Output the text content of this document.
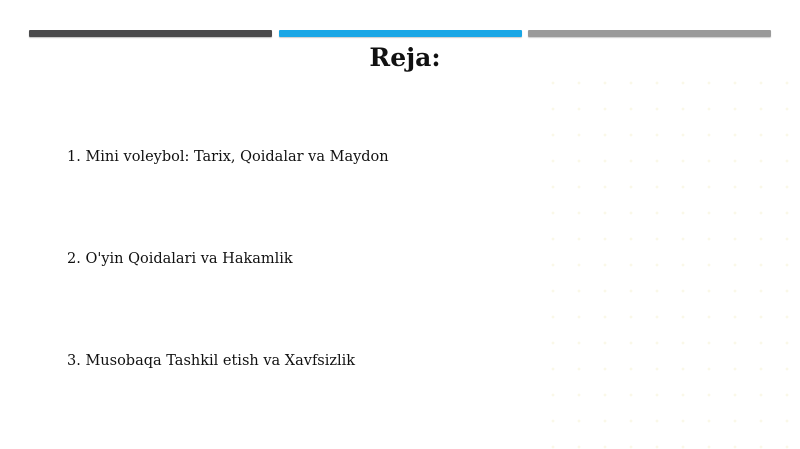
Reja:
1. Mini voleybol: Tarix, Qoidalar va Maydon
2. O'yin Qoidalari va Hakamlik
3. Musobaqa Tashkil etish va Xavfsizlik
